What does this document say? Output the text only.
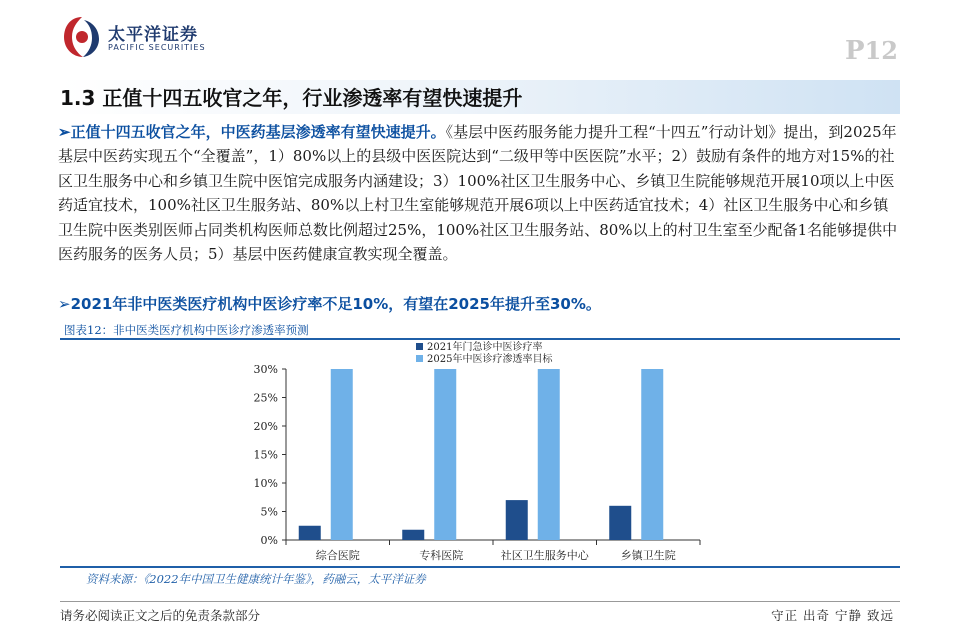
太平洋证券
PACIFIC SECURITIES	P12
1.3 正值十四五收官之年，行业渗透率有望快速提升
➢正值十四五收官之年，中医药基层渗透率有望快速提升。《基层中医药服务能力提升工程“十四五”行动计划》提出，到2025年基层中医药实现五个“全覆盖”，1）80%以上的县级中医医院达到“二级甲等中医医院”水平；2）鼓励有条件的地方对15%的社区卫生服务中心和乡镇卫生院中医馆完成服务内涵建设；3）100%社区卫生服务中心、乡镇卫生院能够规范开展10项以上中医药适宜技术，100%社区卫生服务站、80%以上村卫生室能够规范开展6项以上中医药适宜技术；4）社区卫生服务中心和乡镇卫生院中医类别医师占同类机构医师总数比例超过25%，100%社区卫生服务站、80%以上的村卫生室至少配备1名能够提供中医药服务的医务人员；5）基层中医药健康宣教实现全覆盖。
➢2021年非中医类医疗机构中医诊疗率不足10%，有望在2025年提升至30%。
图表12：非中医类医疗机构中医诊疗渗透率预测
0%
5%
10%
15%
20%
25%
30%
综合医院	专科医院	社区卫生服务中心	乡镇卫生院
2021年门急诊中医诊疗率
2025年中医诊疗渗透率目标
资料来源：《2022年中国卫生健康统计年鉴》，药融云，太平洋证券
请务必阅读正文之后的免责条款部分	守正 出奇 宁静 致远
